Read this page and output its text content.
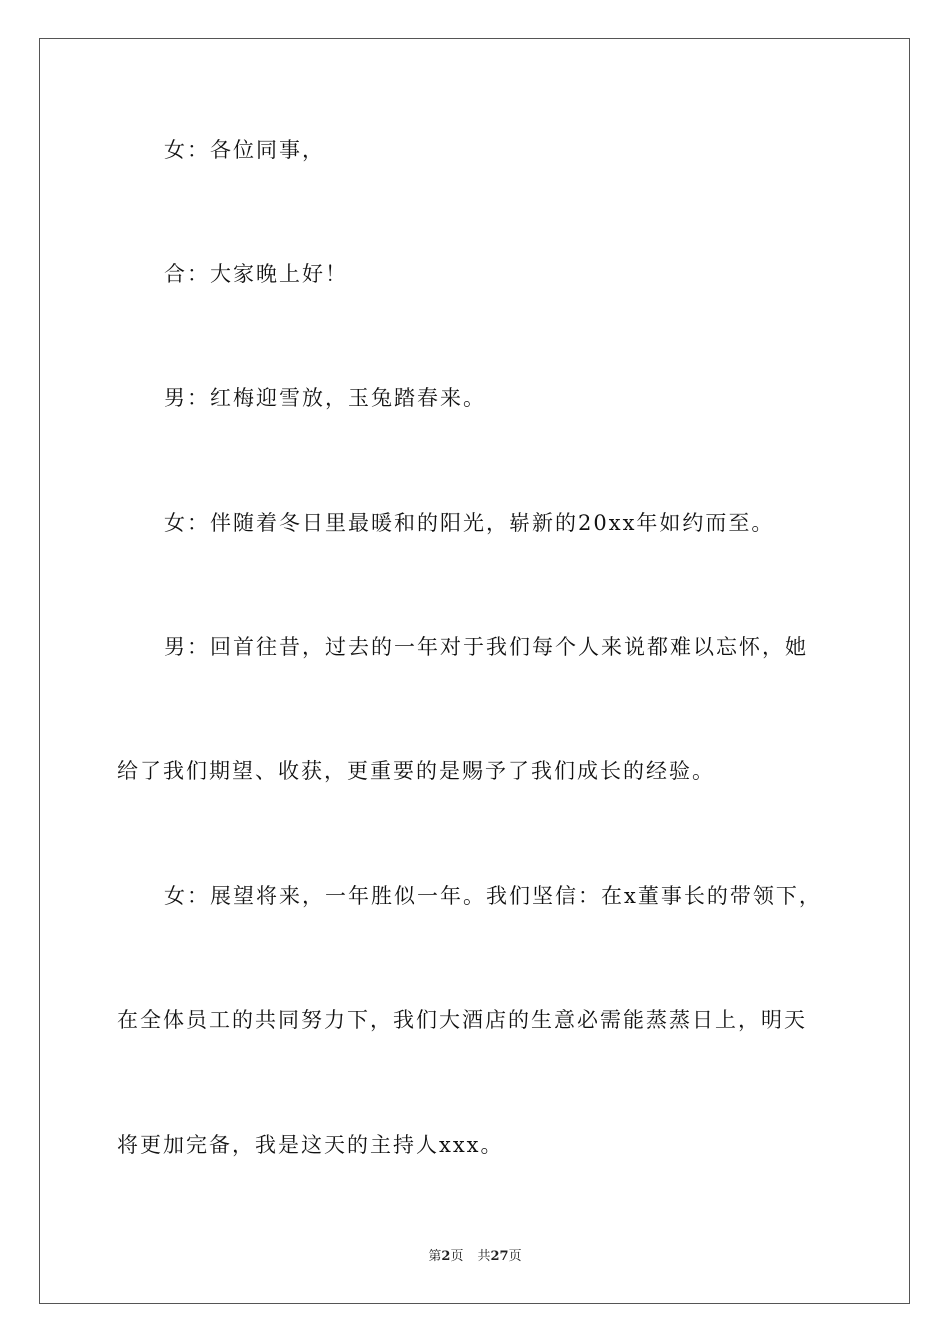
女：各位同事，
合：大家晚上好！
男：红梅迎雪放，玉兔踏春来。
女：伴随着冬日里最暖和的阳光，崭新的20xx年如约而至。
男：回首往昔，过去的一年对于我们每个人来说都难以忘怀，她
给了我们期望、收获，更重要的是赐予了我们成长的经验。
女：展望将来，一年胜似一年。我们坚信：在x董事长的带领下，
在全体员工的共同努力下，我们大酒店的生意必需能蒸蒸日上，明天
将更加完备，我是这天的主持人xxx。
第2页 共27页
